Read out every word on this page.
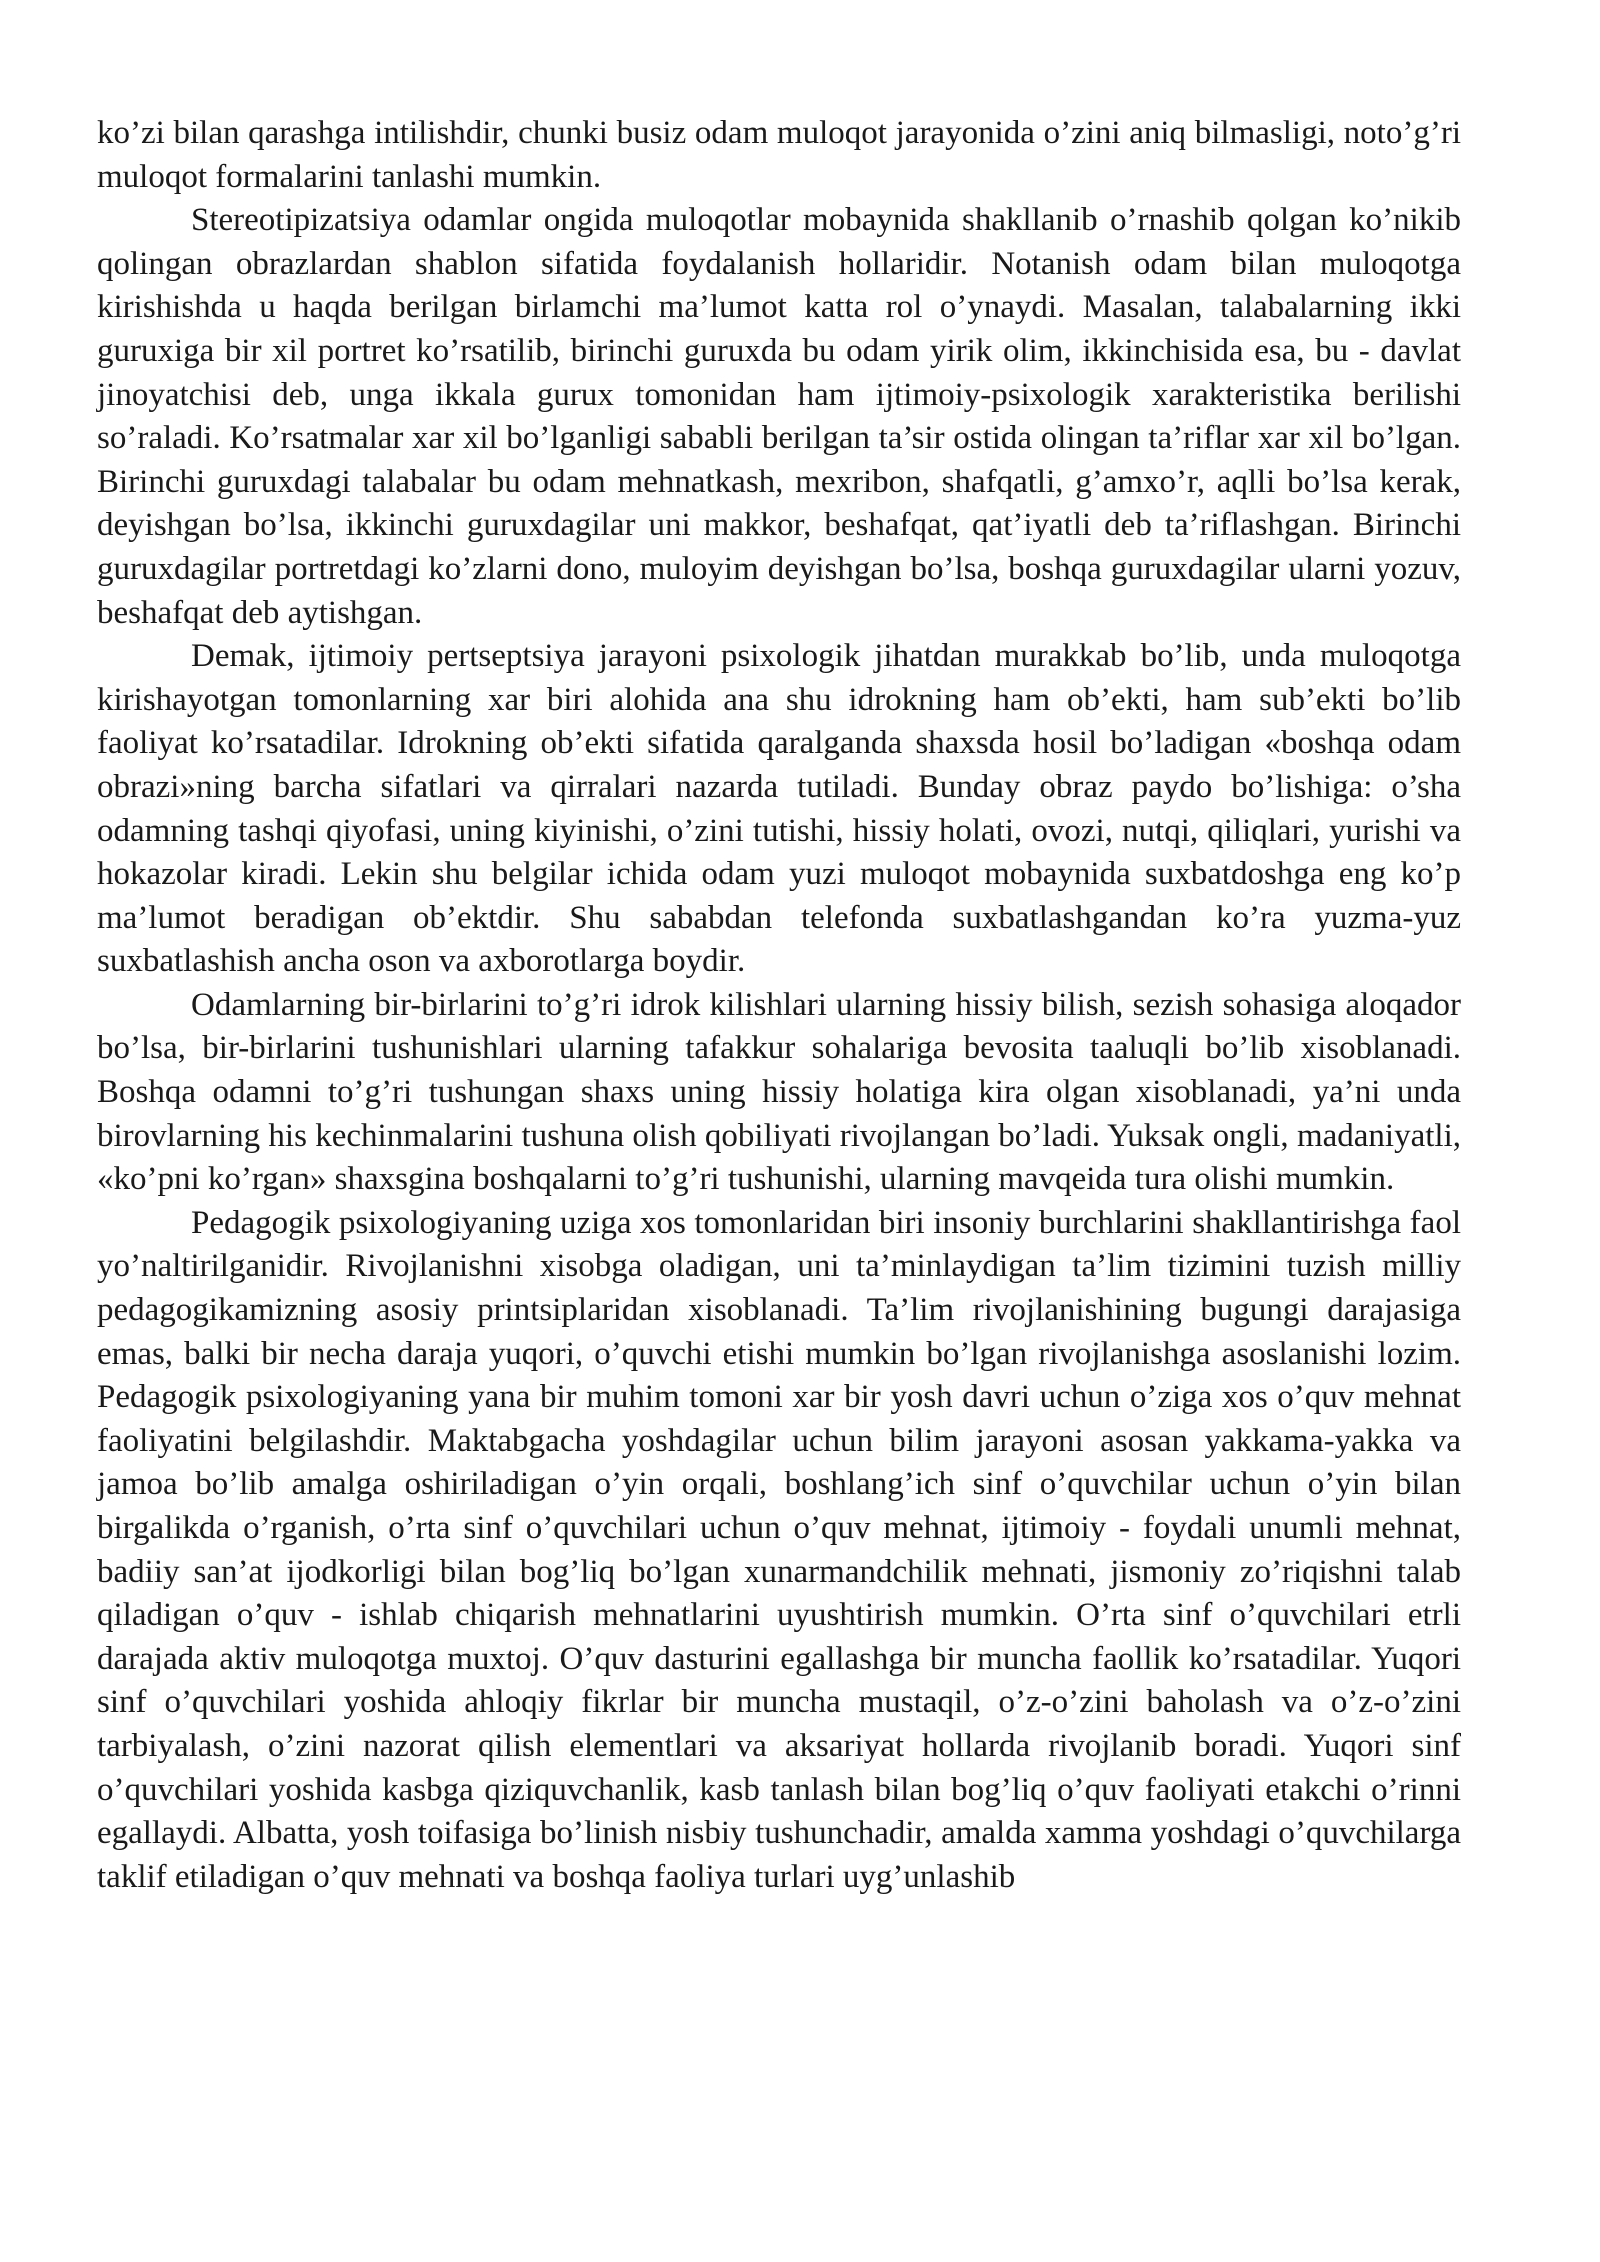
ko’zi bilan qarashga intilishdir, chunki busiz odam muloqot jarayonida o’zini aniq bilmasligi, noto’g’ri muloqot formalarini tanlashi mumkin.

Stereotipizatsiya odamlar ongida muloqotlar mobaynida shakllanib o’rnashib qolgan ko’nikib qolingan obrazlardan shablon sifatida foydalanish hollaridir. Notanish odam bilan muloqotga kirishishda u haqda berilgan birlamchi ma’lumot katta rol o’ynaydi. Masalan, talabalarning ikki guruxiga bir xil portret ko’rsatilib, birinchi guruxda bu odam yirik olim, ikkinchisida esa, bu - davlat jinoyatchisi deb, unga ikkala gurux tomonidan ham ijtimoiy-psixologik xarakteristika berilishi so’raladi. Ko’rsatmalar xar xil bo’lganligi sababli berilgan ta’sir ostida olingan ta’riflar xar xil bo’lgan. Birinchi guruxdagi talabalar bu odam mehnatkash, mexribon, shafqatli, g’amxo’r, aqlli bo’lsa kerak, deyishgan bo’lsa, ikkinchi guruxdagilar uni makkor, beshafqat, qat’iyatli deb ta’riflashgan. Birinchi guruxdagilar portretdagi ko’zlarni dono, muloyim deyishgan bo’lsa, boshqa guruxdagilar ularni yozuv, beshafqat deb aytishgan.

Demak, ijtimoiy pertseptsiya jarayoni psixologik jihatdan murakkab bo’lib, unda muloqotga kirishayotgan tomonlarning xar biri alohida ana shu idrokning ham ob’ekti, ham sub’ekti bo’lib faoliyat ko’rsatadilar. Idrokning ob’ekti sifatida qaralganda shaxsda hosil bo’ladigan «boshqa odam obrazi»ning barcha sifatlari va qirralari nazarda tutiladi. Bunday obraz paydo bo’lishiga: o’sha odamning tashqi qiyofasi, uning kiyinishi, o’zini tutishi, hissiy holati, ovozi, nutqi, qiliqlari, yurishi va hokazolar kiradi. Lekin shu belgilar ichida odam yuzi muloqot mobaynida suxbatdoshga eng ko’p ma’lumot beradigan ob’ektdir. Shu sababdan telefonda suxbatlashgandan ko’ra yuzma-yuz suxbatlashish ancha oson va axborotlarga boydir.

Odamlarning bir-birlarini to’g’ri idrok kilishlari ularning hissiy bilish, sezish sohasiga aloqador bo’lsa, bir-birlarini tushunishlari ularning tafakkur sohalariga bevosita taaluqli bo’lib xisoblanadi. Boshqa odamni to’g’ri tushungan shaxs uning hissiy holatiga kira olgan xisoblanadi, ya’ni unda birovlarning his kechinmalarini tushuna olish qobiliyati rivojlangan bo’ladi. Yuksak ongli, madaniyatli, «ko’pni ko’rgan» shaxsgina boshqalarni to’g’ri tushunishi, ularning mavqeida tura olishi mumkin.

Pedagogik psixologiyaning uziga xos tomonlaridan biri insoniy burchlarini shakllantirishga faol yo’naltirilganidir. Rivojlanishni xisobga oladigan, uni ta’minlaydigan ta’lim tizimini tuzish milliy pedagogikamizning asosiy printsiplaridan xisoblanadi. Ta’lim rivojlanishining bugungi darajasiga emas, balki bir necha daraja yuqori, o’quvchi etishi mumkin bo’lgan rivojlanishga asoslanishi lozim. Pedagogik psixologiyaning yana bir muhim tomoni xar bir yosh davri uchun o’ziga xos o’quv mehnat faoliyatini belgilashdir. Maktabgacha yoshdagilar uchun bilim jarayoni asosan yakkama-yakka va jamoa bo’lib amalga oshiriladigan o’yin orqali, boshlang’ich sinf o’quvchilar uchun o’yin bilan birgalikda o’rganish, o’rta sinf o’quvchilari uchun o’quv mehnat, ijtimoiy - foydali unumli mehnat, badiiy san’at ijodkorligi bilan bog’liq bo’lgan xunarmandchilik mehnati, jismoniy zo’riqishni talab qiladigan o’quv - ishlab chiqarish mehnatlarini uyushtirish mumkin. O’rta sinf o’quvchilari etrli darajada aktiv muloqotga muxtoj. O’quv dasturini egallashga bir muncha faollik ko’rsatadilar. Yuqori sinf o’quvchilari yoshida ahloqiy fikrlar bir muncha mustaqil, o’z-o’zini baholash va o’z-o’zini tarbiyalash, o’zini nazorat qilish elementlari va aksariyat hollarda rivojlanib boradi. Yuqori sinf o’quvchilari yoshida kasbga qiziquvchanlik, kasb tanlash bilan bog’liq o’quv faoliyati etakchi o’rinni egallaydi. Albatta, yosh toifasiga bo’linish nisbiy tushunchadir, amalda xamma yoshdagi o’quvchilarga taklif etiladigan o’quv mehnati va boshqa faoliya turlari uyg’unlashib
